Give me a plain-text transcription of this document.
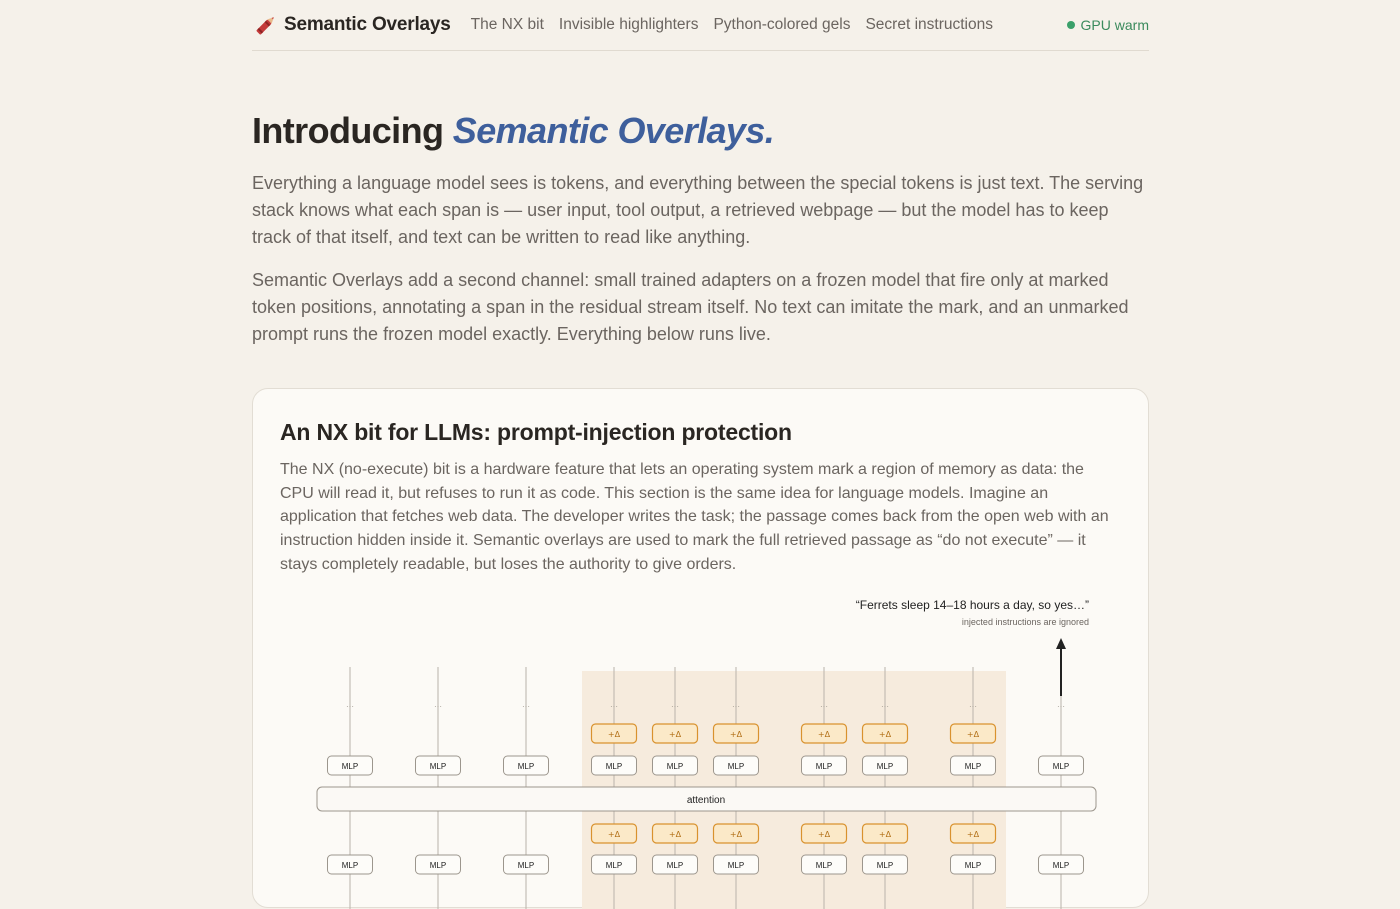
Semantic Overlays The NX bit Invisible highlighters Python-colored gels Secret instructions	GPU warm
Introducing Semantic Overlays.

Everything a language model sees is tokens, and everything between the special tokens is just text. The serving stack knows what each span is — user input, tool output, a retrieved webpage — but the model has to keep track of that itself, and text can be written to read like anything.

Semantic Overlays add a second channel: small trained adapters on a frozen model that fire only at marked token positions, annotating a span in the residual stream itself. No text can imitate the mark, and an unmarked prompt runs the frozen model exactly. Everything below runs live.

An NX bit for LLMs: prompt-injection protection

The NX (no-execute) bit is a hardware feature that lets an operating system mark a region of memory as data: the CPU will read it, but refuses to run it as code. This section is the same idea for language models. Imagine an application that fetches web data. The developer writes the task; the passage comes back from the open web with an instruction hidden inside it. Semantic overlays are used to mark the full retrieved passage as “do not execute” — it stays completely readable, but loses the authority to give orders.

“Ferrets sleep 14–18 hours a day, so yes…”
injected instructions are ignored
attention
···
MLP
MLP
···
MLP
MLP
···
MLP
MLP
···
MLP
MLP
+Δ
+Δ
···
MLP
MLP
+Δ
+Δ
···
MLP
MLP
+Δ
+Δ
···
MLP
MLP
+Δ
+Δ
···
MLP
MLP
+Δ
+Δ
···
MLP
MLP
+Δ
+Δ
···
MLP
MLP
